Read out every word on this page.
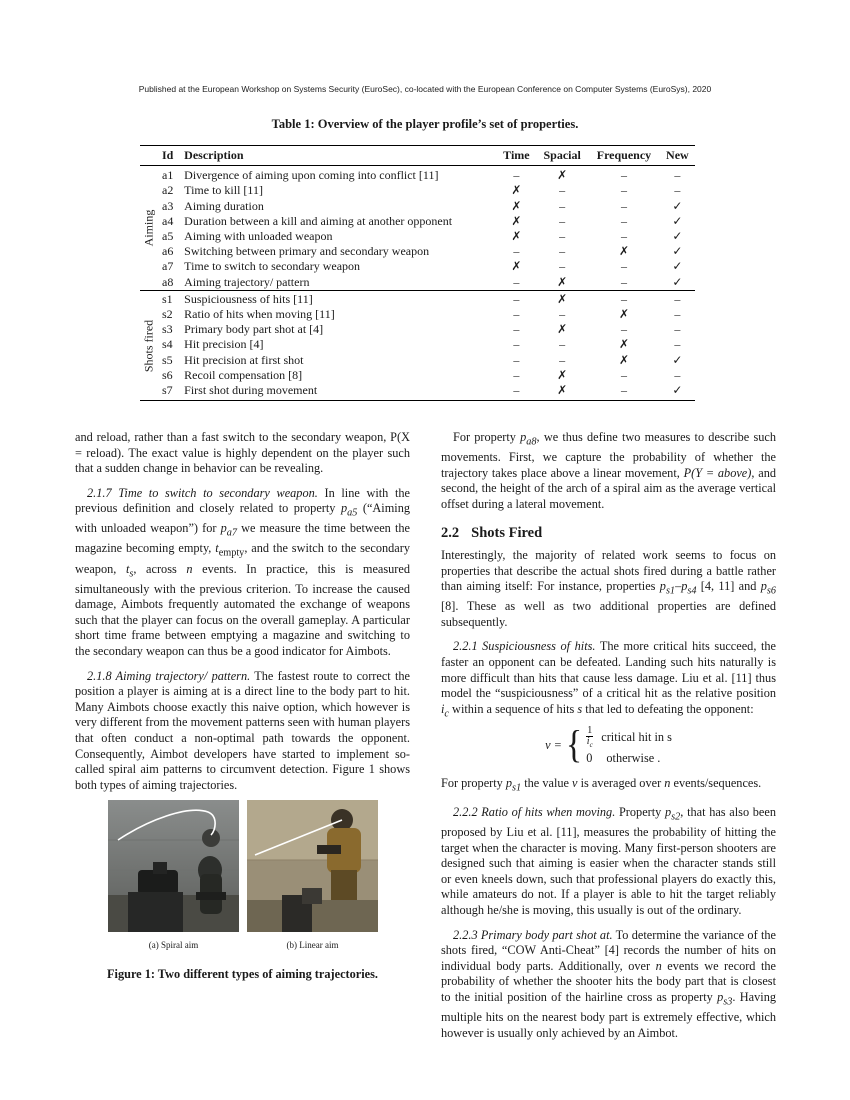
Published at the European Workshop on Systems Security (EuroSec), co-located with the European Conference on Computer Systems (EuroSys), 2020
Table 1: Overview of the player profile’s set of properties.
	Id	Description	Time	Spacial	Frequency	New

Aiming	a1	Divergence of aiming upon coming into conflict [11]	–	✗	–	–
	a2	Time to kill [11]	✗	–	–	–
	a3	Aiming duration	✗	–	–	✓
	a4	Duration between a kill and aiming at another opponent	✗	–	–	✓
	a5	Aiming with unloaded weapon	✗	–	–	✓
	a6	Switching between primary and secondary weapon	–	–	✗	✓
	a7	Time to switch to secondary weapon	✗	–	–	✓
	a8	Aiming trajectory/ pattern	–	✗	–	✓

Shots fired	s1	Suspiciousness of hits [11]	–	✗	–	–
	s2	Ratio of hits when moving [11]	–	–	✗	–
	s3	Primary body part shot at [4]	–	✗	–	–
	s4	Hit precision [4]	–	–	✗	–
	s5	Hit precision at first shot	–	–	✗	✓
	s6	Recoil compensation [8]	–	✗	–	–
	s7	First shot during movement	–	✗	–	✓

and reload, rather than a fast switch to the secondary weapon, P(X = reload). The exact value is highly dependent on the player such that a sudden change in behavior can be revealing.

2.1.7 Time to switch to secondary weapon. In line with the previous definition and closely related to property $p_{a5}$ (“Aiming with unloaded weapon”) for $p_{a7}$ we measure the time between the magazine becoming empty, $t_{empty}$, and the switch to the secondary weapon, $t_s$, across n events. In practice, this is measured simultaneously with the previous criterion. To increase the caused damage, Aimbots frequently automated the exchange of weapons such that the player can focus on the overall gameplay. A particular short time frame between emptying a magazine and switching to the secondary weapon can thus be a good indicator for Aimbots.

2.1.8 Aiming trajectory/ pattern. The fastest route to correct the position a player is aiming at is a direct line to the body part to hit. Many Aimbots choose exactly this naive option, which however is very different from the movement patterns seen with human players that often conduct a non-optimal path towards the opponent. Consequently, Aimbot developers have started to implement so-called spiral aim patterns to circumvent detection. Figure 1 shows both types of aiming trajectories.

(a) Spiral aim	(b) Linear aim
Figure 1: Two different types of aiming trajectories.

For property $p_{a8}$, we thus define two measures to describe such movements. First, we capture the probability of whether the trajectory takes place above a linear movement, P(Y = above), and second, the height of the arch of a spiral aim as the average vertical offset during a lateral movement.

2.2 Shots Fired

Interestingly, the majority of related work seems to focus on properties that describe the actual shots fired during a battle rather than aiming itself: For instance, properties $p_{s1}-p_{s4}$ [4, 11] and $p_{s6}$ [8]. These as well as two additional properties are defined subsequently.

2.2.1 Suspiciousness of hits. The more critical hits succeed, the faster an opponent can be defeated. Landing such hits naturally is more difficult than hits that cause less damage. Liu et al. [11] thus model the “suspiciousness” of a critical hit as the relative position $i_c$ within a sequence of hits s that led to defeating the opponent:

v = { $\frac{1}{i_c}$ critical hit in s
0 otherwise .

For property $p_{s1}$ the value v is averaged over n events/sequences.

2.2.2 Ratio of hits when moving. Property $p_{s2}$, that has also been proposed by Liu et al. [11], measures the probability of hitting the target when the character is moving. Many first-person shooters are designed such that aiming is easier when the character stands still or even kneels down, such that professional players do exactly this, while amateurs do not. If a player is able to hit the target reliably although he/she is moving, this usually is out of the ordinary.

2.2.3 Primary body part shot at. To determine the variance of the shots fired, “COW Anti-Cheat” [4] records the number of hits on individual body parts. Additionally, over n events we record the probability of whether the shooter hits the body part that is closest to the initial position of the hairline cross as property $p_{s3}$. Having multiple hits on the nearest body part is extremely effective, which however is usually only achieved by an Aimbot.
